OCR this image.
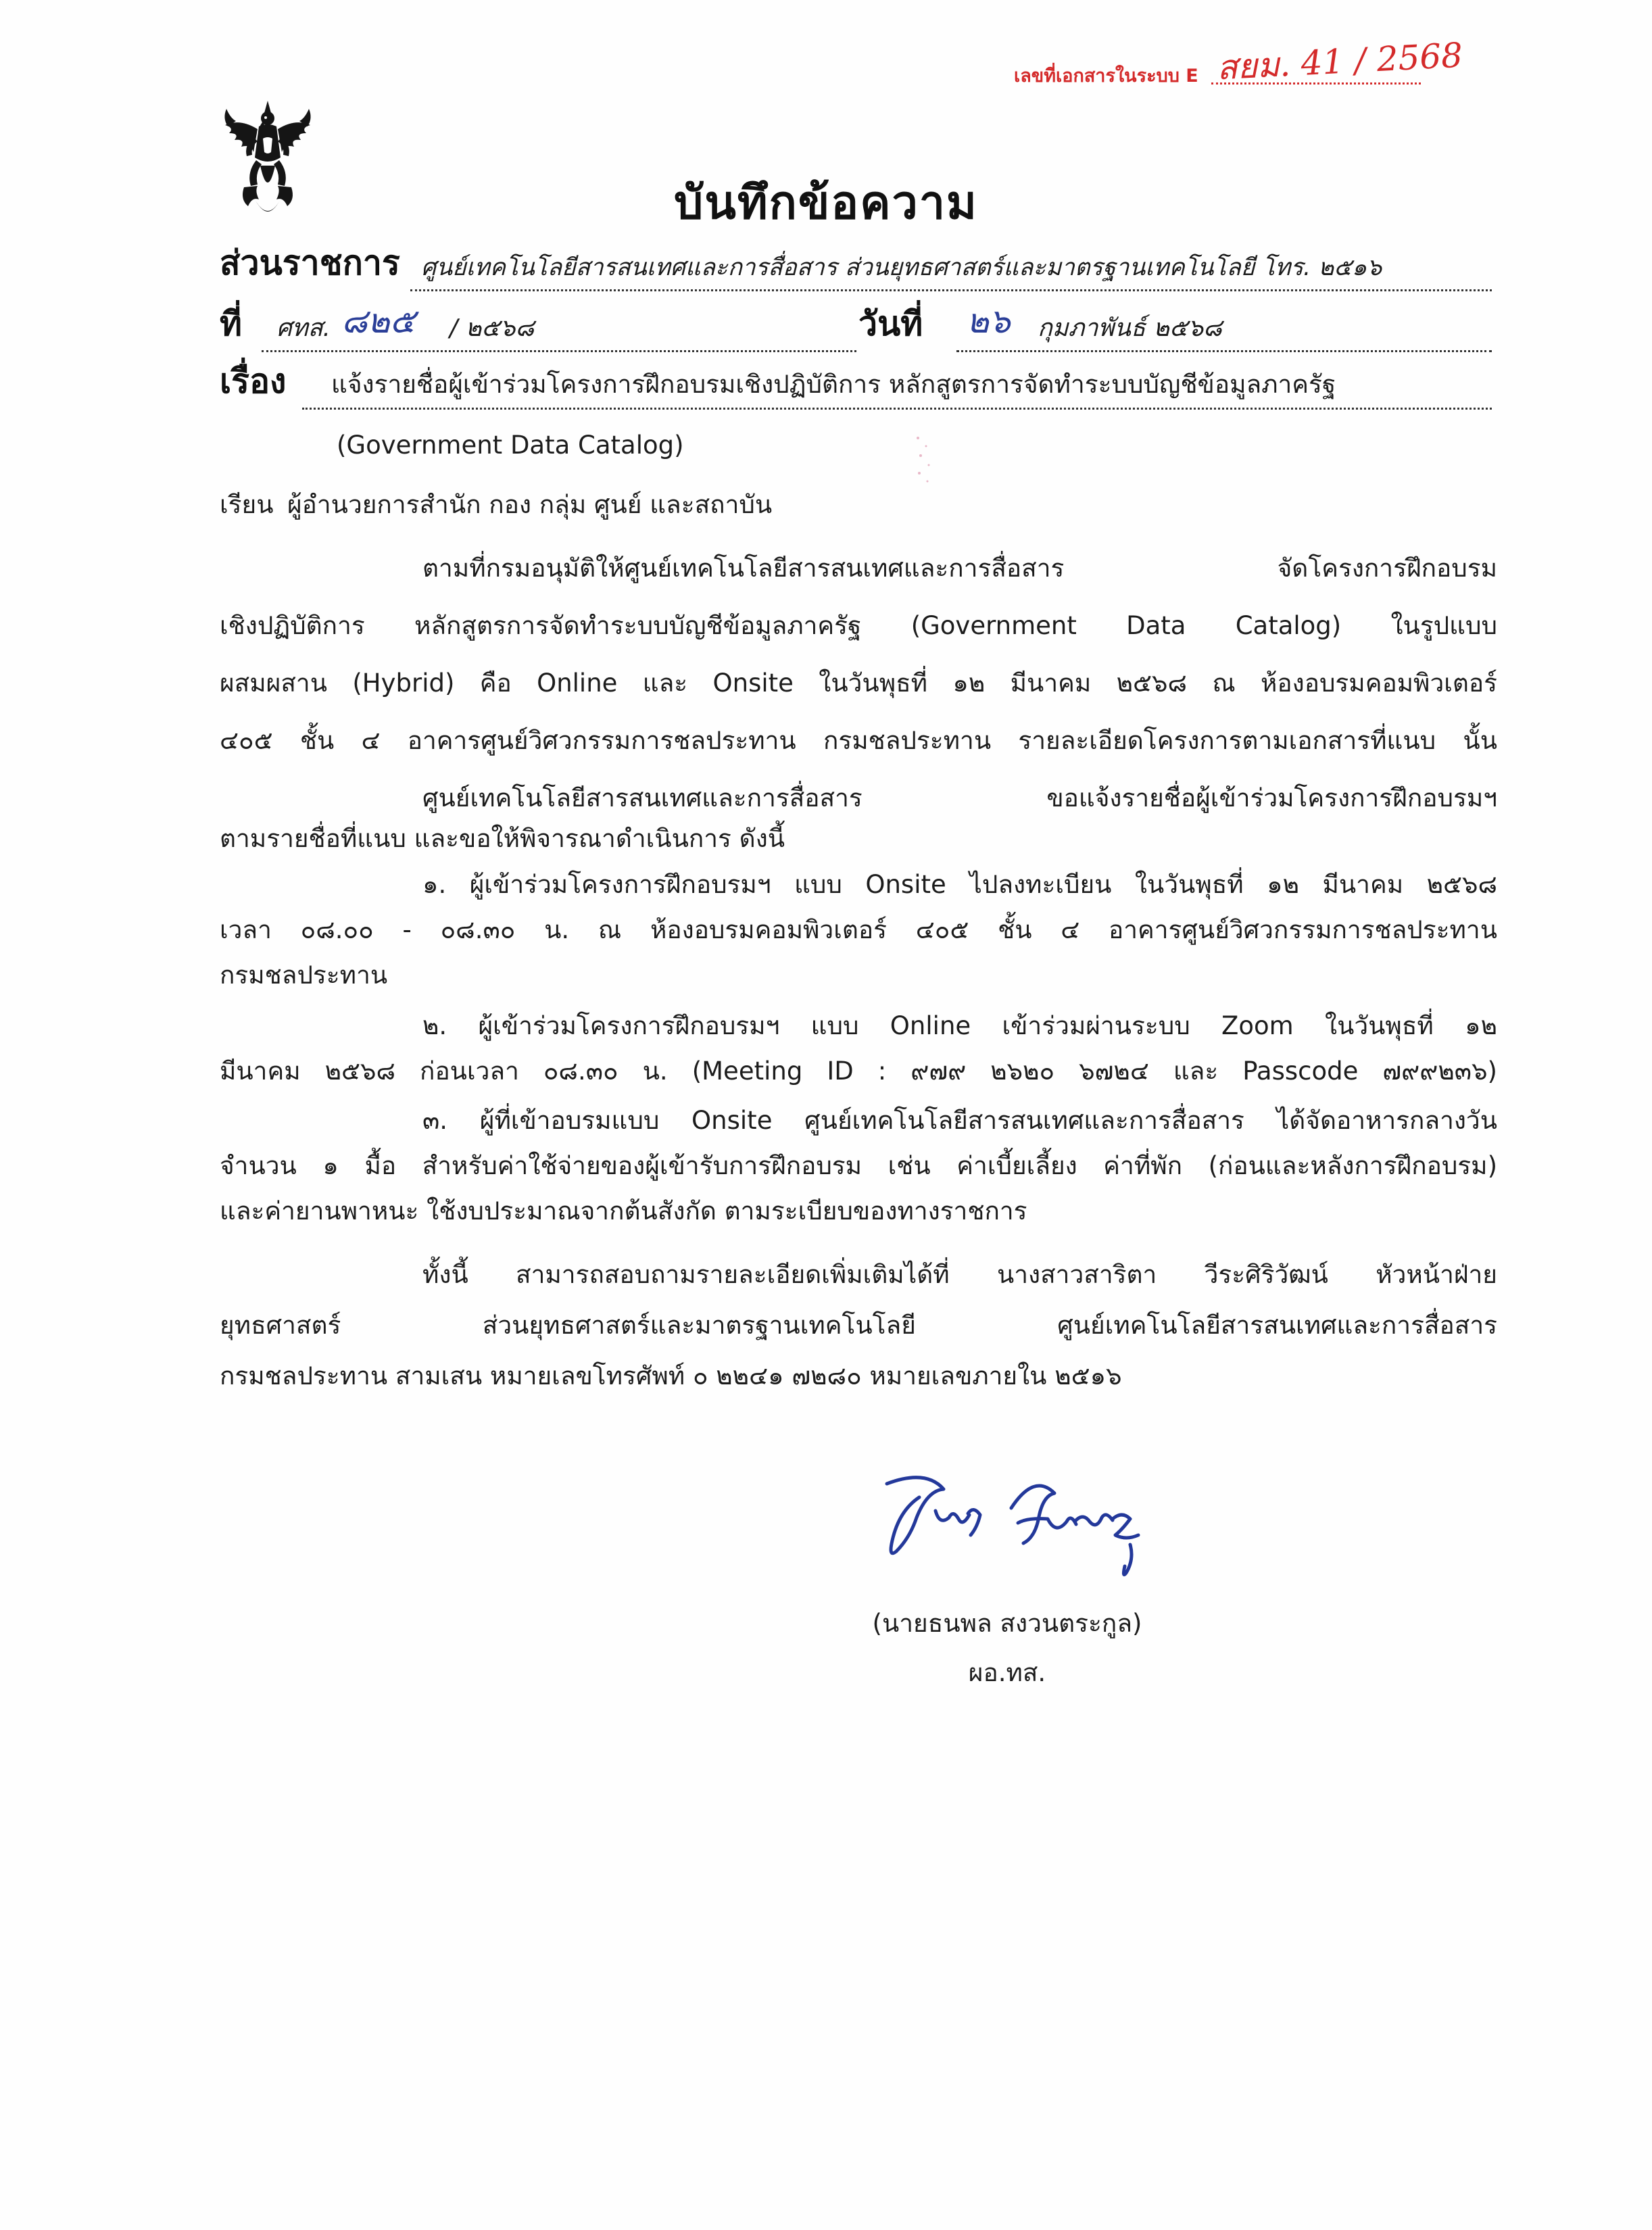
เลขที่เอกสารในระบบ E สยม. 41 / 2568
บันทึกข้อความ
ส่วนราชการ ศูนย์เทคโนโลยีสารสนเทศและการสื่อสาร ส่วนยุทธศาสตร์และมาตรฐานเทคโนโลยี โทร. ๒๕๑๖
ที่ ศทส. ๘๒๕ / ๒๕๖๘	วันที่ ๒๖ กุมภาพันธ์ ๒๕๖๘
เรื่อง แจ้งรายชื่อผู้เข้าร่วมโครงการฝึกอบรมเชิงปฏิบัติการ หลักสูตรการจัดทำระบบบัญชีข้อมูลภาครัฐ
(Government Data Catalog)
เรียน ผู้อำนวยการสำนัก กอง กลุ่ม ศูนย์ และสถาบัน
ตามที่กรมอนุมัติให้ศูนย์เทคโนโลยีสารสนเทศและการสื่อสาร จัดโครงการฝึกอบรม
เชิงปฏิบัติการ หลักสูตรการจัดทำระบบบัญชีข้อมูลภาครัฐ (Government Data Catalog) ในรูปแบบ
ผสมผสาน (Hybrid) คือ Online และ Onsite ในวันพุธที่ ๑๒ มีนาคม ๒๕๖๘ ณ ห้องอบรมคอมพิวเตอร์
๔๐๕ ชั้น ๔ อาคารศูนย์วิศวกรรมการชลประทาน กรมชลประทาน รายละเอียดโครงการตามเอกสารที่แนบ นั้น
ศูนย์เทคโนโลยีสารสนเทศและการสื่อสาร ขอแจ้งรายชื่อผู้เข้าร่วมโครงการฝึกอบรมฯ
ตามรายชื่อที่แนบ และขอให้พิจารณาดำเนินการ ดังนี้
๑. ผู้เข้าร่วมโครงการฝึกอบรมฯ แบบ Onsite ไปลงทะเบียน ในวันพุธที่ ๑๒ มีนาคม ๒๕๖๘
เวลา ๐๘.๐๐ - ๐๘.๓๐ น. ณ ห้องอบรมคอมพิวเตอร์ ๔๐๕ ชั้น ๔ อาคารศูนย์วิศวกรรมการชลประทาน
กรมชลประทาน
๒. ผู้เข้าร่วมโครงการฝึกอบรมฯ แบบ Online เข้าร่วมผ่านระบบ Zoom ในวันพุธที่ ๑๒
มีนาคม ๒๕๖๘ ก่อนเวลา ๐๘.๓๐ น. (Meeting ID : ๙๗๙ ๒๖๒๐ ๖๗๒๔ และ Passcode ๗๙๙๒๓๖)
๓. ผู้ที่เข้าอบรมแบบ Onsite ศูนย์เทคโนโลยีสารสนเทศและการสื่อสาร ได้จัดอาหารกลางวัน
จำนวน ๑ มื้อ สำหรับค่าใช้จ่ายของผู้เข้ารับการฝึกอบรม เช่น ค่าเบี้ยเลี้ยง ค่าที่พัก (ก่อนและหลังการฝึกอบรม)
และค่ายานพาหนะ ใช้งบประมาณจากต้นสังกัด ตามระเบียบของทางราชการ
ทั้งนี้ สามารถสอบถามรายละเอียดเพิ่มเติมได้ที่ นางสาวสาริตา วีระศิริวัฒน์ หัวหน้าฝ่าย
ยุทธศาสตร์ ส่วนยุทธศาสตร์และมาตรฐานเทคโนโลยี ศูนย์เทคโนโลยีสารสนเทศและการสื่อสาร
กรมชลประทาน สามเสน หมายเลขโทรศัพท์ ๐ ๒๒๔๑ ๗๒๘๐ หมายเลขภายใน ๒๕๑๖
(นายธนพล สงวนตระกูล)
ผอ.ทส.
